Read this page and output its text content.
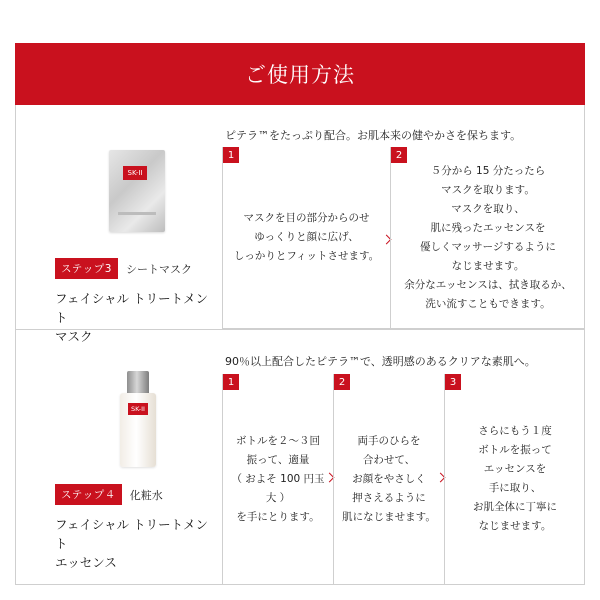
ご使用方法
SK-II
ステップ3	シートマスク
フェイシャル トリートメント
マスク
ピテラ™をたっぷり配合。お肌本来の健やかさを保ちます。
マスクを目の部分からのせ
ゆっくりと顔に広げ、
しっかりとフィットさせます。
1
５分から 15 分たったら
マスクを取ります。
マスクを取り、
肌に残ったエッセンスを
優しくマッサージするように
なじませます。
余分なエッセンスは、拭き取るか、
洗い流すこともできます。
2
SK-II
ステップ４	化粧水
フェイシャル トリートメント
エッセンス
90％以上配合したピテラ™で、透明感のあるクリアな素肌へ。
ボトルを２〜３回
振って、適量
（ およそ 100 円玉大 ）
を手にとります。
1
両手のひらを
合わせて、
お顔をやさしく
押さえるように
肌になじませます。
2
さらにもう１度
ボトルを振って
エッセンスを
手に取り、
お肌全体に丁寧に
なじませます。
3
